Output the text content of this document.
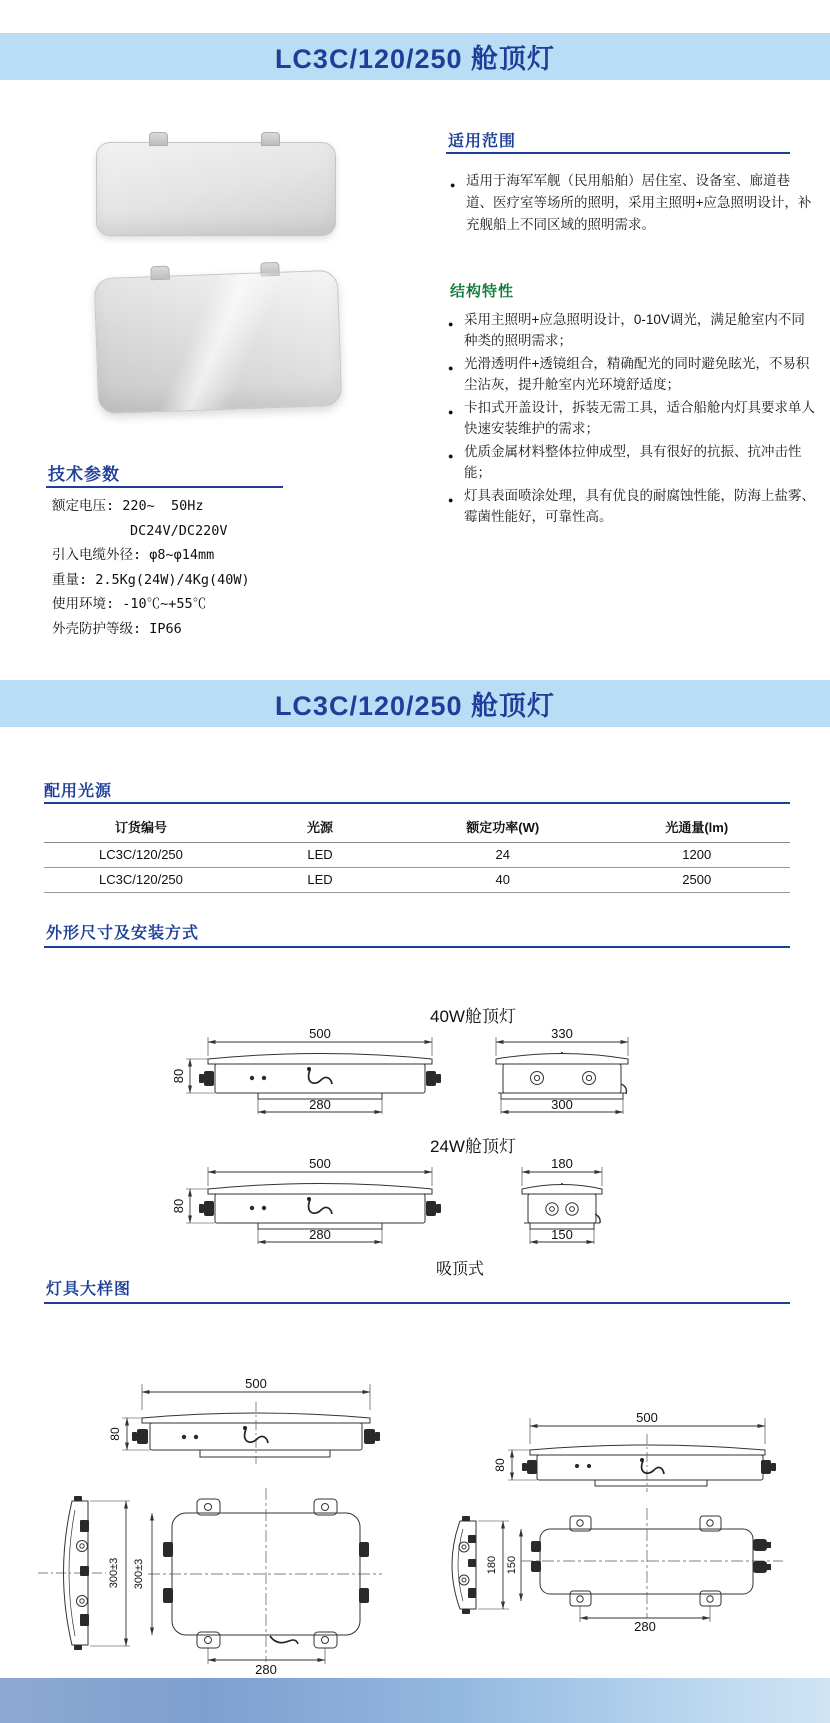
LC3C/120/250 舱顶灯
适用范围
● 适用于海军军舰（民用船舶）居住室、设备室、廊道巷道、医疗室等场所的照明，采用主照明+应急照明设计，补充舰船上不同区域的照明需求。
结构特性
● 采用主照明+应急照明设计，0-10V调光，满足舱室内不同种类的照明需求；
● 光滑透明件+透镜组合，精确配光的同时避免眩光，不易积尘沾灰，提升舱室内光环境舒适度；
● 卡扣式开盖设计，拆装无需工具，适合船舱内灯具要求单人快速安装维护的需求；
● 优质金属材料整体拉伸成型，具有很好的抗振、抗冲击性能；
● 灯具表面喷涂处理，具有优良的耐腐蚀性能，防海上盐雾、霉菌性能好，可靠性高。
技术参数
额定电压: 220~  50Hz
DC24V/DC220V
引入电缆外径: φ8~φ14mm
重量: 2.5Kg(24W)/4Kg(40W)
使用环境: -10℃~+55℃
外壳防护等级: IP66
LC3C/120/250 舱顶灯
配用光源
订货编号	光源	额定功率(W)	光通量(lm)
LC3C/120/250	LED	24	1200
LC3C/120/250	LED	40	2500
外形尺寸及安装方式
40W舱顶灯
500
80
280
330
300
24W舱顶灯
500
80
280
180
150
吸顶式
灯具大样图
500
80
300±3 300±3
280
500
80
180 150
280
